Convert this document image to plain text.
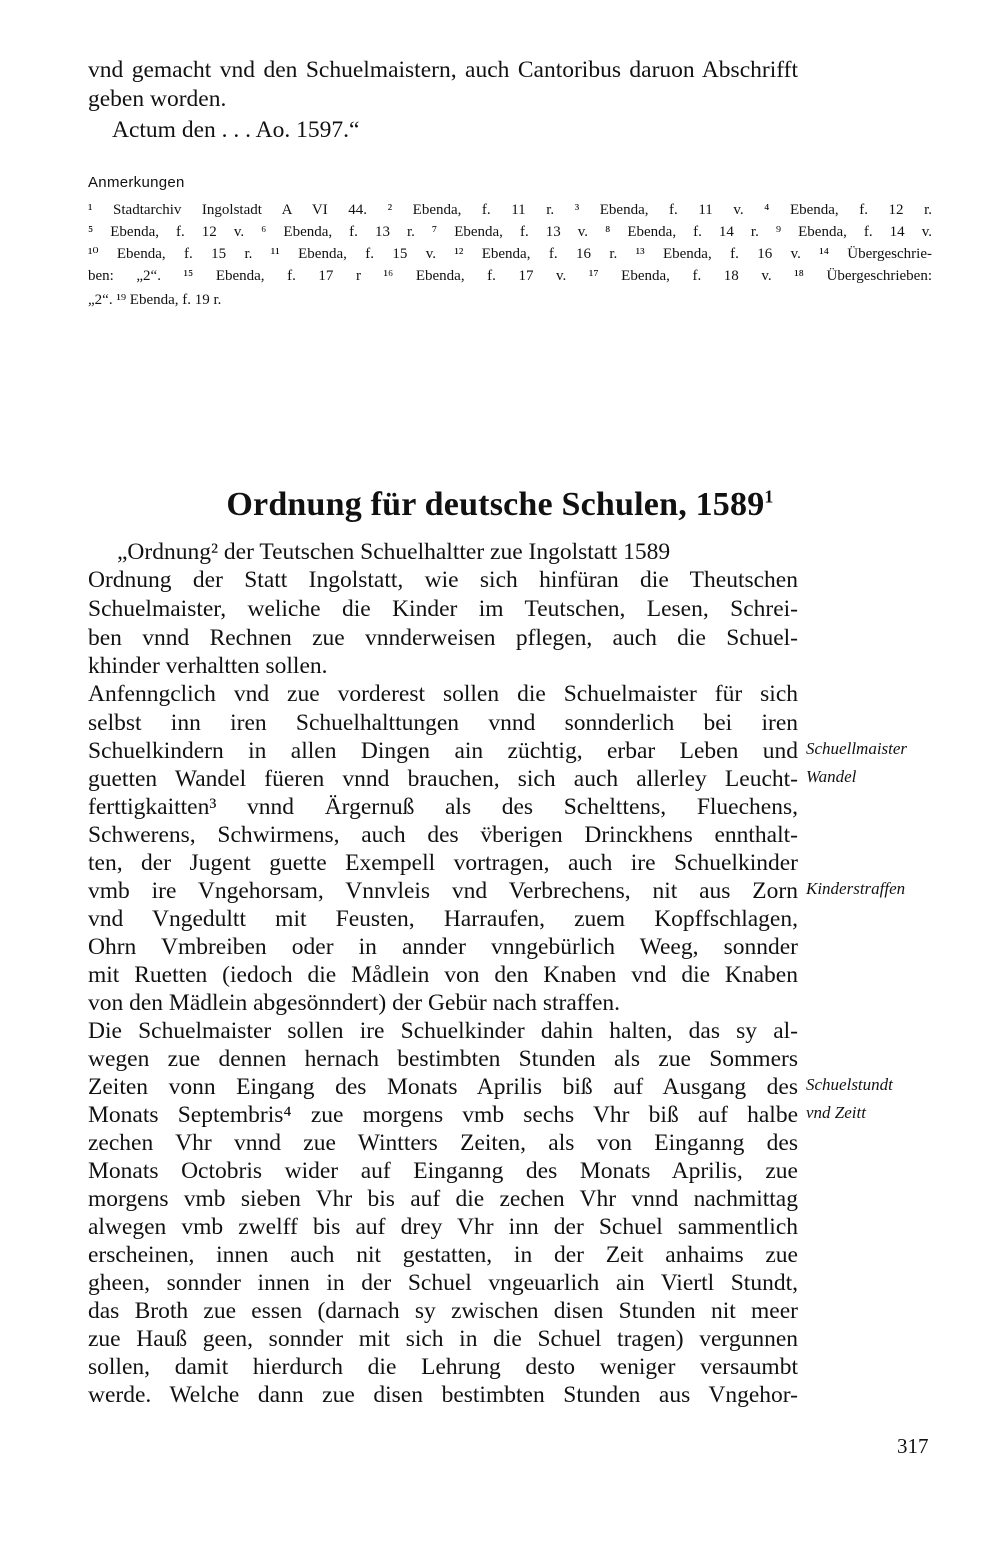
vnd gemacht vnd den Schuelmaistern, auch Cantoribus daruon Abschrifft
geben worden.
Actum den . . . Ao. 1597.“
Anmerkungen
¹ Stadtarchiv Ingolstadt A VI 44. ² Ebenda, f. 11 r. ³ Ebenda, f. 11 v. ⁴ Ebenda, f. 12 r.
⁵ Ebenda, f. 12 v. ⁶ Ebenda, f. 13 r. ⁷ Ebenda, f. 13 v. ⁸ Ebenda, f. 14 r. ⁹ Ebenda, f. 14 v.
¹⁰ Ebenda, f. 15 r. ¹¹ Ebenda, f. 15 v. ¹² Ebenda, f. 16 r. ¹³ Ebenda, f. 16 v. ¹⁴ Übergeschrie-
ben: „2“. ¹⁵ Ebenda, f. 17 r ¹⁶ Ebenda, f. 17 v. ¹⁷ Ebenda, f. 18 v. ¹⁸ Übergeschrieben:
„2“. ¹⁹ Ebenda, f. 19 r.
Ordnung für deutsche Schulen, 1589$^1$
„Ordnung² der Teutschen Schuelhaltter zue Ingolstatt 1589
Ordnung der Statt Ingolstatt, wie sich hinfüran die Theutschen
Schuelmaister, weliche die Kinder im Teutschen, Lesen, Schrei-
ben vnnd Rechnen zue vnnderweisen pflegen, auch die Schuel-
khinder verhaltten sollen.
Anfenngclich vnd zue vorderest sollen die Schuelmaister für sich
selbst inn iren Schuelhalttungen vnnd sonnderlich bei iren
Schuelkindern in allen Dingen ain züchtig, erbar Leben und
guetten Wandel füeren vnnd brauchen, sich auch allerley Leucht-
ferttigkaitten³ vnnd Ärgernuß als des Schelttens, Fluechens,
Schwerens, Schwirmens, auch des v̈berigen Drinckhens ennthalt-
ten, der Jugent guette Exempell vortragen, auch ire Schuelkinder
vmb ire Vngehorsam, Vnnvleis vnd Verbrechens, nit aus Zorn
vnd Vngedultt mit Feusten, Harraufen, zuem Kopffschlagen,
Ohrn Vmbreiben oder in annder vnngebürlich Weeg, sonnder
mit Ruetten (iedoch die Mådlein von den Knaben vnd die Knaben
von den Mädlein abgesönndert) der Gebür nach straffen.
Die Schuelmaister sollen ire Schuelkinder dahin halten, das sy al-
wegen zue dennen hernach bestimbten Stunden als zue Sommers
Zeiten vonn Eingang des Monats Aprilis biß auf Ausgang des
Monats Septembris⁴ zue morgens vmb sechs Vhr biß auf halbe
zechen Vhr vnnd zue Wintters Zeiten, als von Einganng des
Monats Octobris wider auf Einganng des Monats Aprilis, zue
morgens vmb sieben Vhr bis auf die zechen Vhr vnnd nachmittag
alwegen vmb zwelff bis auf drey Vhr inn der Schuel sammentlich
erscheinen, innen auch nit gestatten, in der Zeit anhaims zue
gheen, sonnder innen in der Schuel vngeuarlich ain Viertl Stundt,
das Broth zue essen (darnach sy zwischen disen Stunden nit meer
zue Hauß geen, sonnder mit sich in die Schuel tragen) vergunnen
sollen, damit hierdurch die Lehrung desto weniger versaumbt
werde. Welche dann zue disen bestimbten Stunden aus Vngehor-
Schuellmaister
Wandel
Kinderstraffen
Schuelstundt
vnd Zeitt
317
